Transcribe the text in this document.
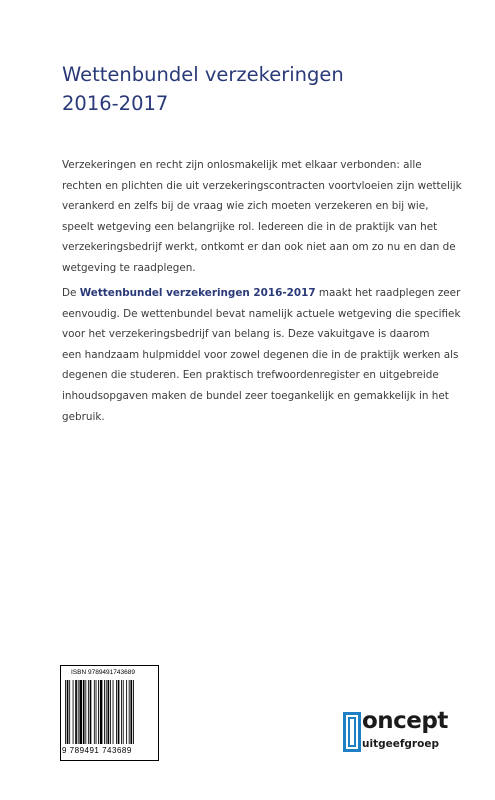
Wettenbundel verzekeringen
2016-2017
Verzekeringen en recht zijn onlosmakelijk met elkaar verbonden: alle
rechten en plichten die uit verzekeringscontracten voortvloeien zijn wettelijk
verankerd en zelfs bij de vraag wie zich moeten verzekeren en bij wie,
speelt wetgeving een belangrijke rol. Iedereen die in de praktijk van het
verzekeringsbedrijf werkt, ontkomt er dan ook niet aan om zo nu en dan de
wetgeving te raadplegen.
De Wettenbundel verzekeringen 2016-2017 maakt het raadplegen zeer
eenvoudig. De wettenbundel bevat namelijk actuele wetgeving die specifiek
voor het verzekeringsbedrijf van belang is. Deze vakuitgave is daarom
een handzaam hulpmiddel voor zowel degenen die in de praktijk werken als
degenen die studeren. Een praktisch trefwoordenregister en uitgebreide
inhoudsopgaven maken de bundel zeer toegankelijk en gemakkelijk in het
gebruik.
ISBN 9789491743689
9 789491 743689
oncept
uitgeefgroep
